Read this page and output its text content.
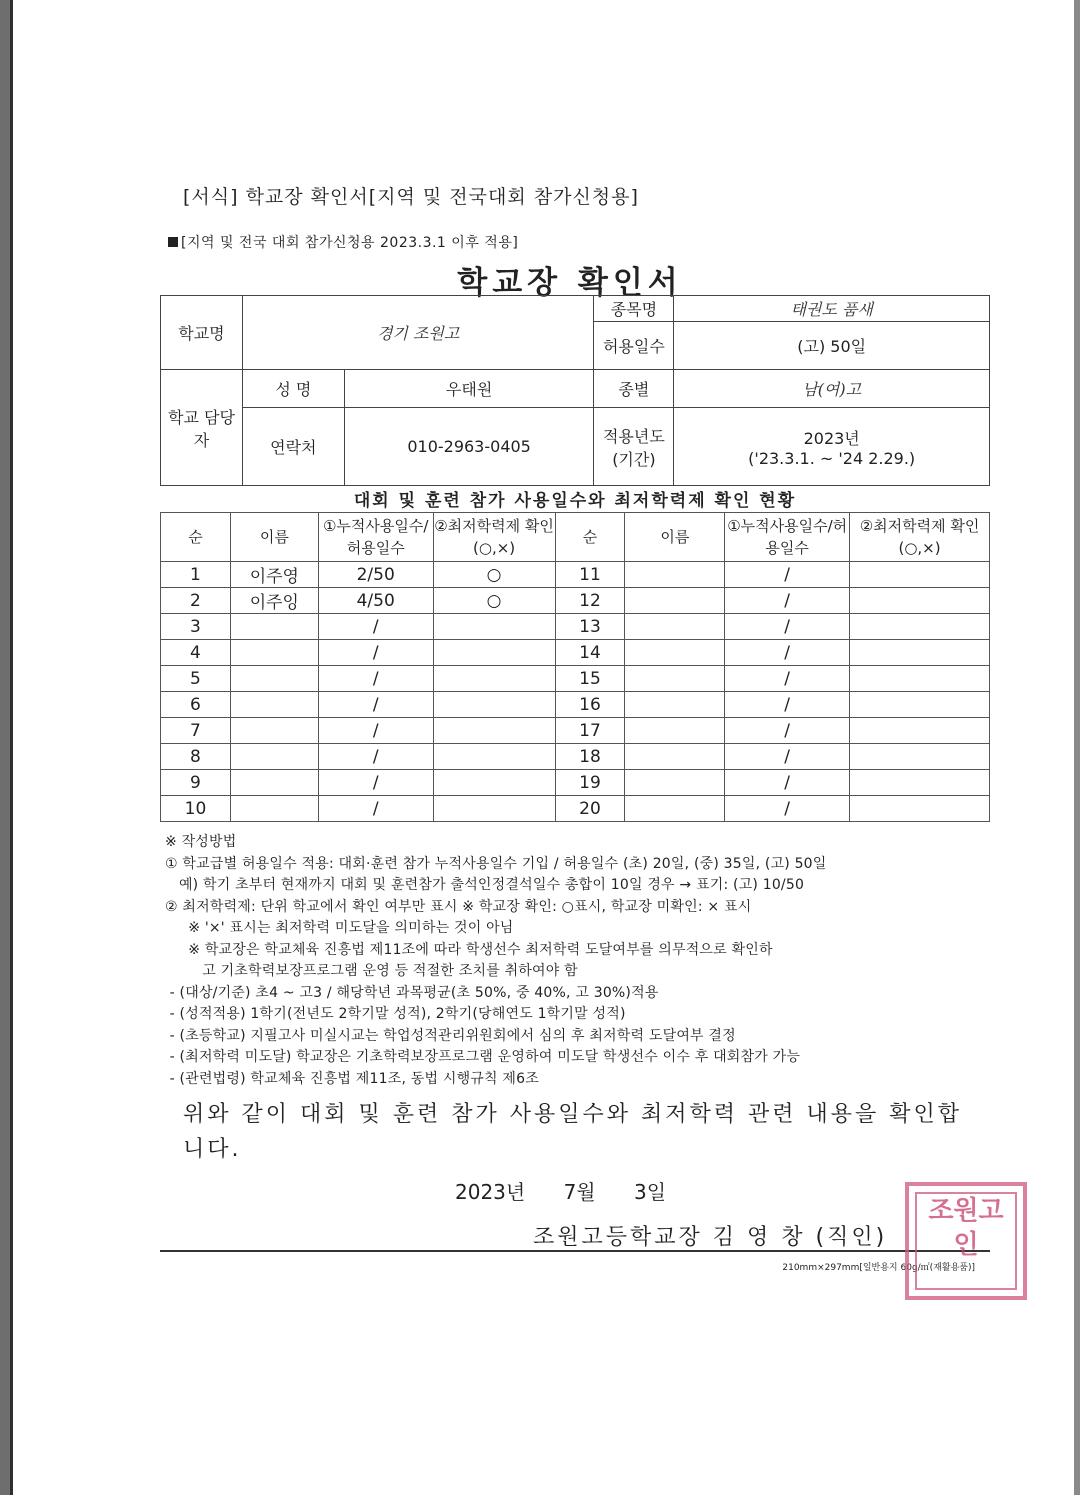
[서식] 학교장 확인서[지역 및 전국대회 참가신청용]
[지역 및 전국 대회 참가신청용 2023.3.1 이후 적용]
학교장 확인서
학교명	경기 조원고		종목명	태권도 품새
			허용일수	(고) 50일
학교 담당자	성 명	우태원	종별	남(여)고
	연락처	010-2963-0405	적용년도 (기간)	2023년
('23.3.1. ~ '24 2.29.)
대회 및 훈련 참가 사용일수와 최저학력제 확인 현황
순	이름	①누적사용일수/허용일수	②최저학력제 확인(○,×)	순	이름	①누적사용일수/허용일수	②최저학력제 확인(○,×)
1	이주영	2/50	○	11		/	
2	이주잉	4/50	○	12		/	
3		/		13		/	
4		/		14		/	
5		/		15		/	
6		/		16		/	
7		/		17		/	
8		/		18		/	
9		/		19		/	
10		/		20		/	
※ 작성방법
① 학교급별 허용일수 적용: 대회·훈련 참가 누적사용일수 기입 / 허용일수 (초) 20일, (중) 35일, (고) 50일
예) 학기 초부터 현재까지 대회 및 훈련참가 출석인정결석일수 총합이 10일 경우 → 표기: (고) 10/50
② 최저학력제: 단위 학교에서 확인 여부만 표시 ※ 학교장 확인: ○표시, 학교장 미확인: × 표시
※ '×' 표시는 최저학력 미도달을 의미하는 것이 아님
※ 학교장은 학교체육 진흥법 제11조에 따라 학생선수 최저학력 도달여부를 의무적으로 확인하
고 기초학력보장프로그램 운영 등 적절한 조치를 취하여야 함
- (대상/기준) 초4 ~ 고3 / 해당학년 과목평균(초 50%, 중 40%, 고 30%)적용
- (성적적용) 1학기(전년도 2학기말 성적), 2학기(당해연도 1학기말 성적)
- (초등학교) 지필고사 미실시교는 학업성적관리위원회에서 심의 후 최저학력 도달여부 결정
- (최저학력 미도달) 학교장은 기초학력보장프로그램 운영하여 미도달 학생선수 이수 후 대회참가 가능
- (관련법령) 학교체육 진흥법 제11조, 동법 시행규칙 제6조
위와 같이 대회 및 훈련 참가 사용일수와 최저학력 관련 내용을 확인합니다.
2023년 7월 3일
조원고등학교장 김 영 창 (직인)
210mm×297mm[일반용지 60g/㎡(재활용품)]
조원고 인
